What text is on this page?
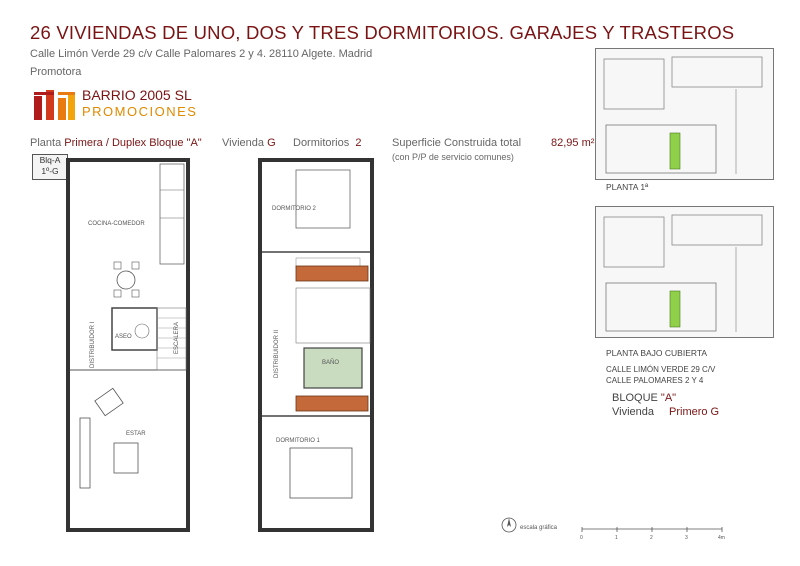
26 VIVIENDAS DE UNO, DOS Y TRES DORMITORIOS. GARAJES Y TRASTEROS
Calle Limón Verde 29 c/v Calle Palomares 2 y 4. 28110 Algete. Madrid
Promotora
BARRIO 2005 SL
PROMOCIONES
Planta Primera / Duplex Bloque "A" Vivienda G Dormitorios 2	Superficie Construida total	82,95 m²
(con P/P de servicio comunes)
Blq-A
1º-G
COCINA-COMEDOR
ASEO
DISTRIBUIDOR I	ESCALERA
ESTAR
DORMITORIO 2
DISTRIBUIDOR II	BAÑO
DORMITORIO 1
PLANTA 1ª
PLANTA BAJO CUBIERTA
CALLE LIMÓN VERDE 29 C/V
CALLE PALOMARES 2 Y 4
BLOQUE "A"
Vivienda Primero G
escala gráfica
0	1	2	3	4m
